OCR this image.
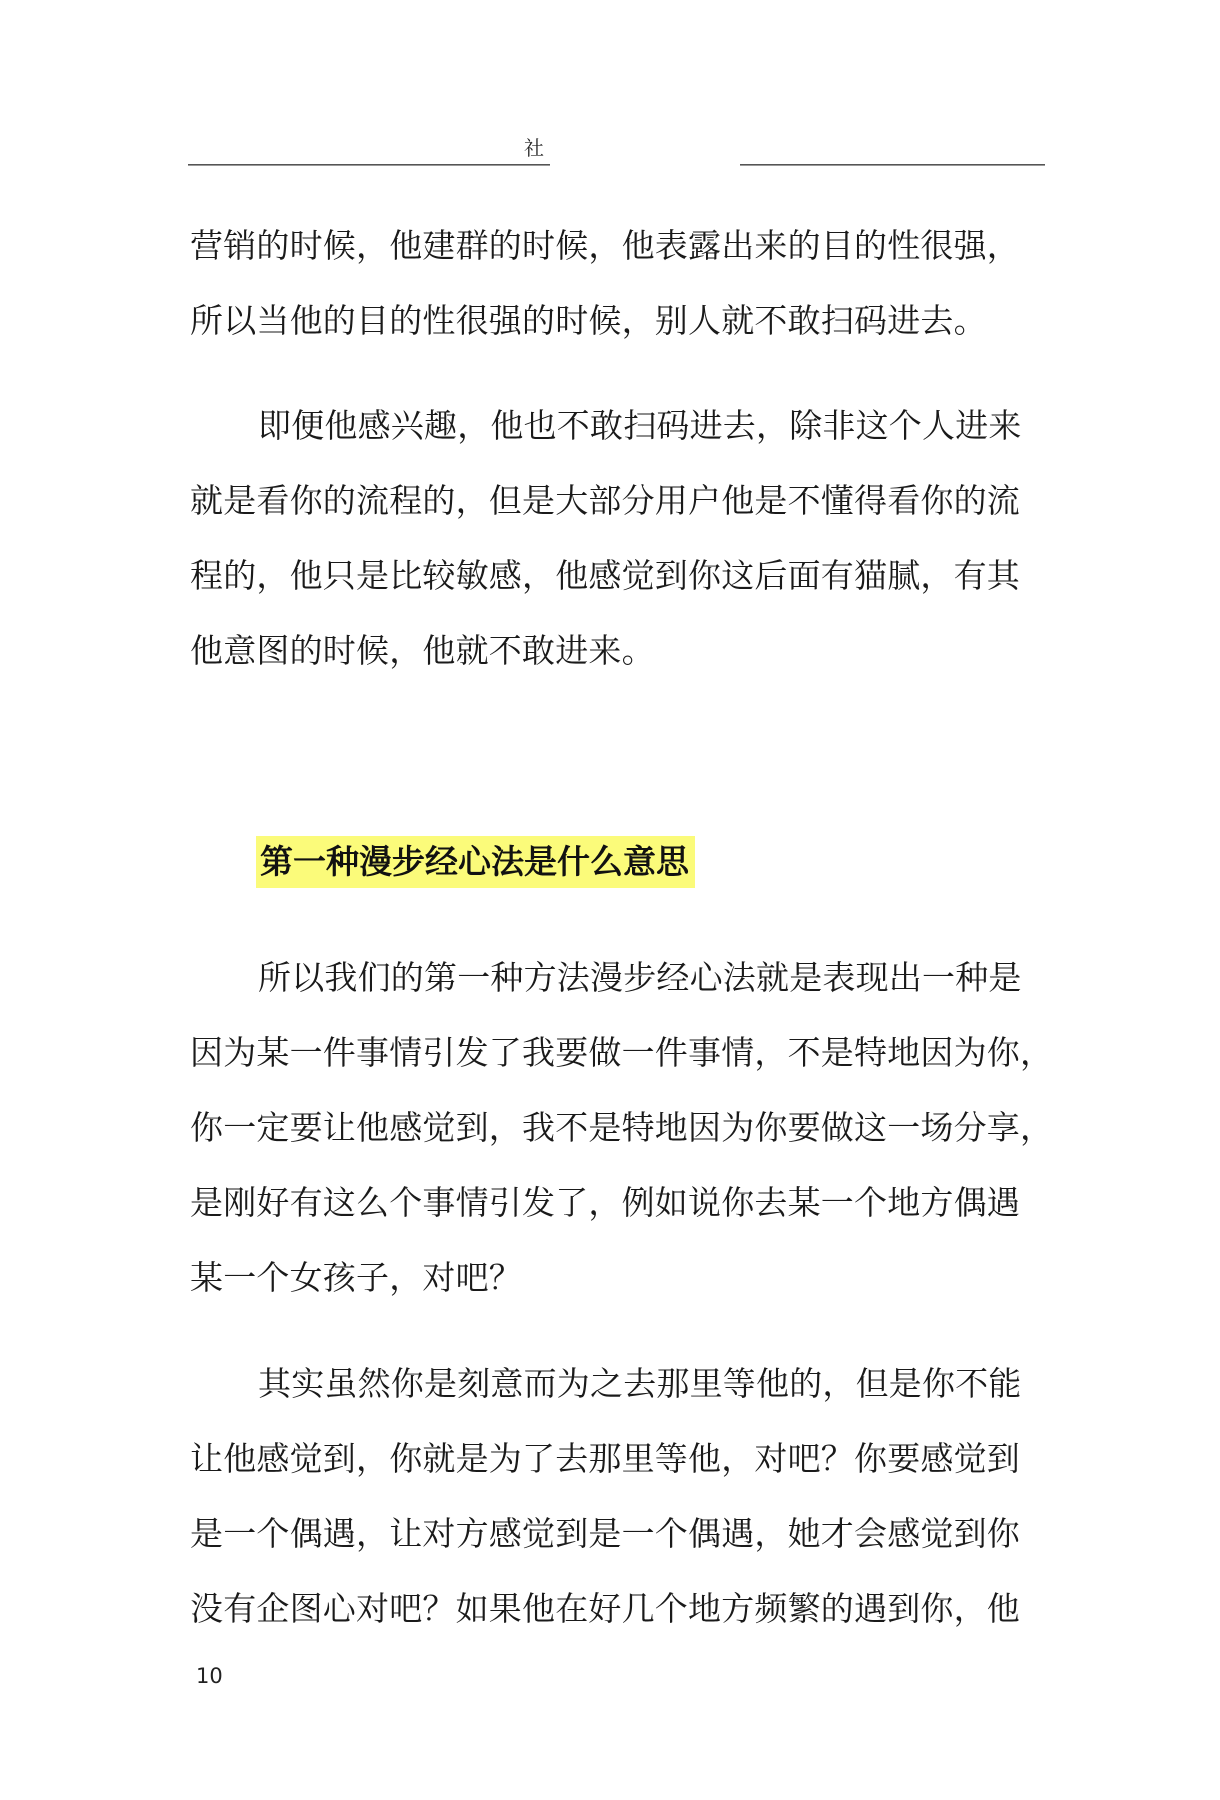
社

营销的时候，他建群的时候，他表露出来的目的性很强，
所以当他的目的性很强的时候，别人就不敢扫码进去。

即便他感兴趣，他也不敢扫码进去，除非这个人进来
就是看你的流程的，但是大部分用户他是不懂得看你的流
程的，他只是比较敏感，他感觉到你这后面有猫腻，有其
他意图的时候，他就不敢进来。

第一种漫步经心法是什么意思

所以我们的第一种方法漫步经心法就是表现出一种是
因为某一件事情引发了我要做一件事情，不是特地因为你，
你一定要让他感觉到，我不是特地因为你要做这一场分享，
是刚好有这么个事情引发了，例如说你去某一个地方偶遇
某一个女孩子，对吧？

其实虽然你是刻意而为之去那里等他的，但是你不能
让他感觉到，你就是为了去那里等他，对吧？你要感觉到
是一个偶遇，让对方感觉到是一个偶遇，她才会感觉到你
没有企图心对吧？如果他在好几个地方频繁的遇到你，他

10
